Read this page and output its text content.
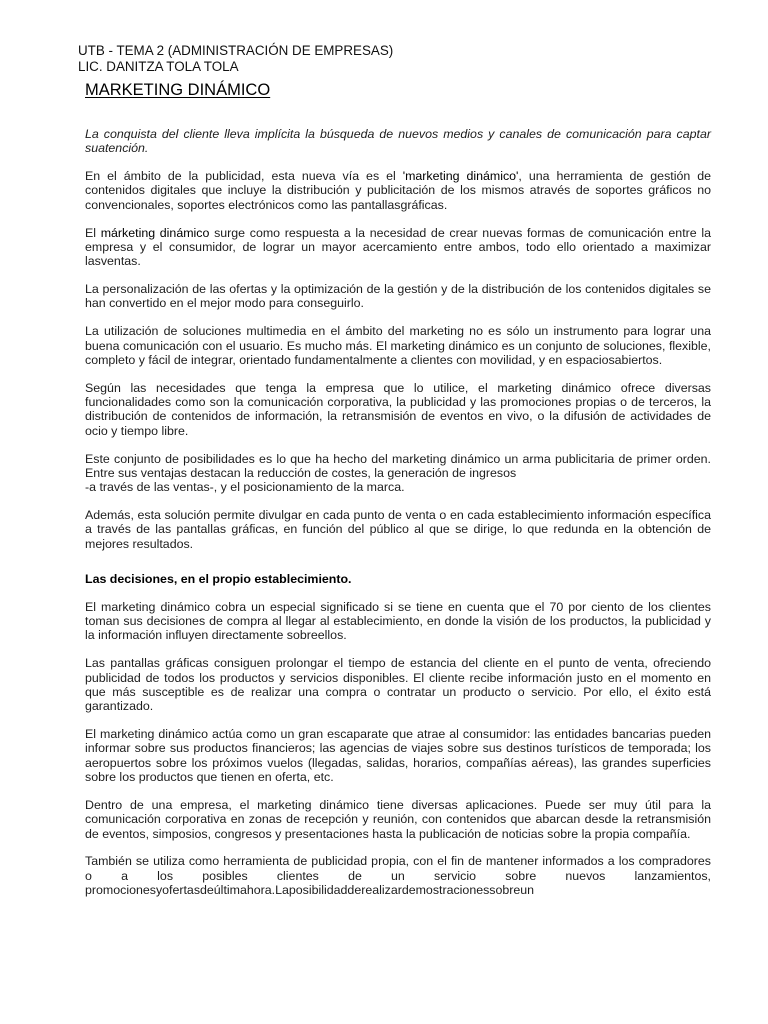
UTB - TEMA 2 (ADMINISTRACIÓN DE EMPRESAS)
LIC. DANITZA TOLA TOLA
MARKETING DINÁMICO

La conquista del cliente lleva implícita la búsqueda de nuevos medios y canales de comunicación para captar suatención.

En el ámbito de la publicidad, esta nueva vía es el 'marketing dinámico', una herramienta de gestión de contenidos digitales que incluye la distribución y publicitación de los mismos através de soportes gráficos no convencionales, soportes electrónicos como las pantallasgráficas.

El márketing dinámico surge como respuesta a la necesidad de crear nuevas formas de comunicación entre la empresa y el consumidor, de lograr un mayor acercamiento entre ambos, todo ello orientado a maximizar lasventas.

La personalización de las ofertas y la optimización de la gestión y de la distribución de los contenidos digitales se han convertido en el mejor modo para conseguirlo.

La utilización de soluciones multimedia en el ámbito del marketing no es sólo un instrumento para lograr una buena comunicación con el usuario. Es mucho más. El marketing dinámico es un conjunto de soluciones, flexible, completo y fácil de integrar, orientado fundamentalmente a clientes con movilidad, y en espaciosabiertos.

Según las necesidades que tenga la empresa que lo utilice, el marketing dinámico ofrece diversas funcionalidades como son la comunicación corporativa, la publicidad y las promociones propias o de terceros, la distribución de contenidos de información, la retransmisión de eventos en vivo, o la difusión de actividades de ocio y tiempo libre.

Este conjunto de posibilidades es lo que ha hecho del marketing dinámico un arma publicitaria de primer orden. Entre sus ventajas destacan la reducción de costes, la generación de ingresos
-a través de las ventas-, y el posicionamiento de la marca.

Además, esta solución permite divulgar en cada punto de venta o en cada establecimiento información específica a través de las pantallas gráficas, en función del público al que se dirige, lo que redunda en la obtención de mejores resultados.

Las decisiones, en el propio establecimiento.

El marketing dinámico cobra un especial significado si se tiene en cuenta que el 70 por ciento de los clientes toman sus decisiones de compra al llegar al establecimiento, en donde la visión de los productos, la publicidad y la información influyen directamente sobreellos.

Las pantallas gráficas consiguen prolongar el tiempo de estancia del cliente en el punto de venta, ofreciendo publicidad de todos los productos y servicios disponibles. El cliente recibe información justo en el momento en que más susceptible es de realizar una compra o contratar un producto o servicio. Por ello, el éxito está garantizado.

El marketing dinámico actúa como un gran escaparate que atrae al consumidor: las entidades bancarias pueden informar sobre sus productos financieros; las agencias de viajes sobre sus destinos turísticos de temporada; los aeropuertos sobre los próximos vuelos (llegadas, salidas, horarios, compañías aéreas), las grandes superficies sobre los productos que tienen en oferta, etc.

Dentro de una empresa, el marketing dinámico tiene diversas aplicaciones. Puede ser muy útil para la comunicación corporativa en zonas de recepción y reunión, con contenidos que abarcan desde la retransmisión de eventos, simposios, congresos y presentaciones hasta la publicación de noticias sobre la propia compañía.

También se utiliza como herramienta de publicidad propia, con el fin de mantener informados a los compradores o a los posibles clientes de un servicio sobre nuevos lanzamientos, promocionesyofertasdeúltimahora.Laposibilidadderealizardemostracionessobreun
